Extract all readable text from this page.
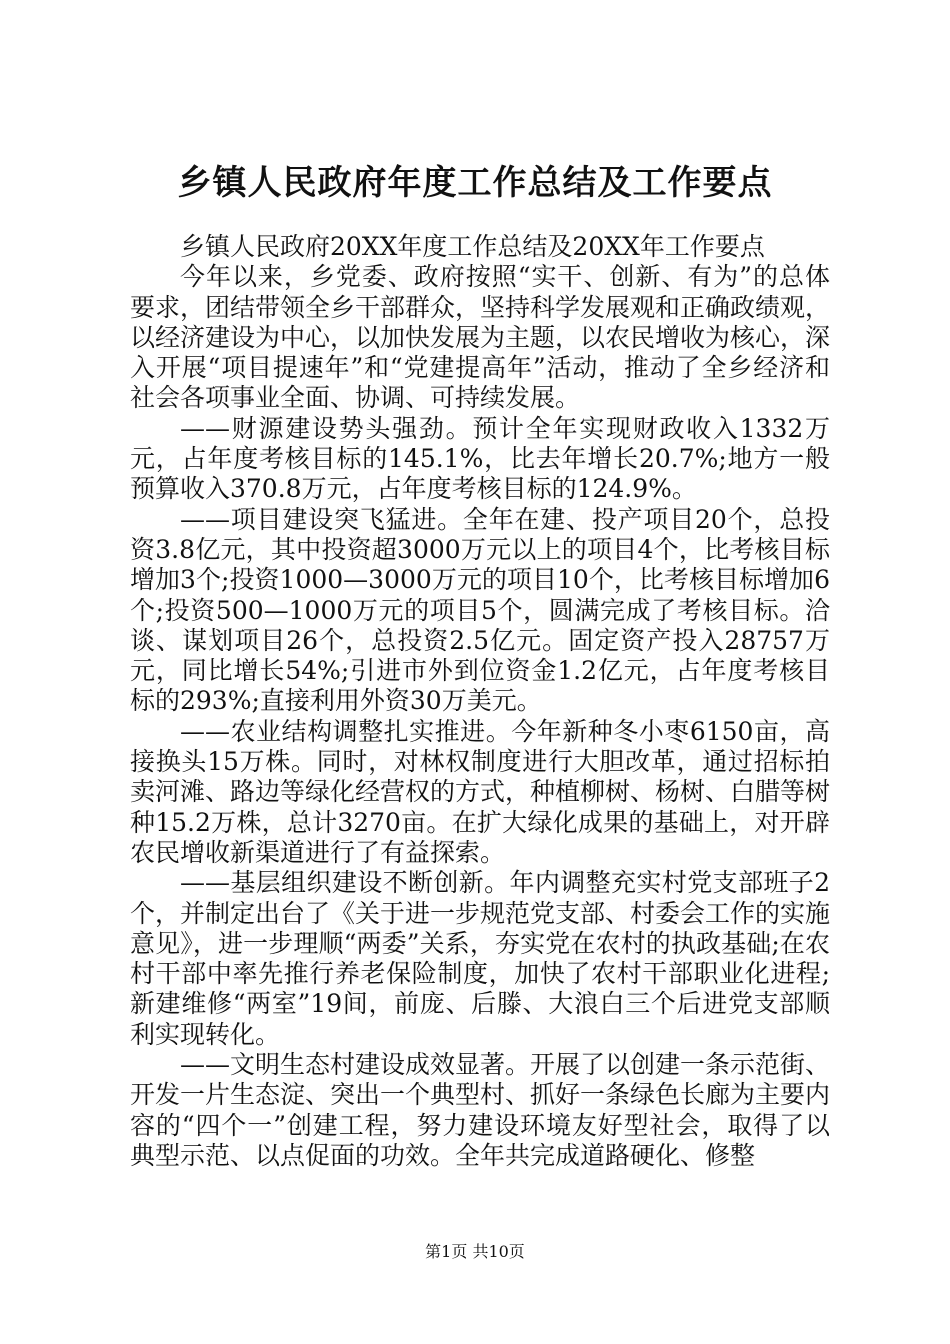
乡镇人民政府年度工作总结及工作要点

乡镇人民政府20XX年度工作总结及20XX年工作要点

今年以来，乡党委、政府按照“实干、创新、有为”的总体要求，团结带领全乡干部群众，坚持科学发展观和正确政绩观，以经济建设为中心，以加快发展为主题，以农民增收为核心，深入开展“项目提速年”和“党建提高年”活动，推动了全乡经济和社会各项事业全面、协调、可持续发展。

——财源建设势头强劲。预计全年实现财政收入1332万元，占年度考核目标的145.1%，比去年增长20.7%;地方一般预算收入370.8万元，占年度考核目标的124.9%。

——项目建设突飞猛进。全年在建、投产项目20个，总投资3.8亿元，其中投资超3000万元以上的项目4个，比考核目标增加3个;投资1000—3000万元的项目10个，比考核目标增加6个;投资500—1000万元的项目5个，圆满完成了考核目标。洽谈、谋划项目26个，总投资2.5亿元。固定资产投入28757万元，同比增长54%;引进市外到位资金1.2亿元，占年度考核目标的293%;直接利用外资30万美元。

——农业结构调整扎实推进。今年新种冬小枣6150亩，高接换头15万株。同时，对林权制度进行大胆改革，通过招标拍卖河滩、路边等绿化经营权的方式，种植柳树、杨树、白腊等树种15.2万株，总计3270亩。在扩大绿化成果的基础上，对开辟农民增收新渠道进行了有益探索。

——基层组织建设不断创新。年内调整充实村党支部班子2个，并制定出台了《关于进一步规范党支部、村委会工作的实施意见》，进一步理顺“两委”关系，夯实党在农村的执政基础;在农村干部中率先推行养老保险制度，加快了农村干部职业化进程;新建维修“两室”19间，前庞、后滕、大浪白三个后进党支部顺利实现转化。

——文明生态村建设成效显著。开展了以创建一条示范街、开发一片生态淀、突出一个典型村、抓好一条绿色长廊为主要内容的“四个一”创建工程，努力建设环境友好型社会，取得了以典型示范、以点促面的功效。全年共完成道路硬化、修整

第1页 共10页
